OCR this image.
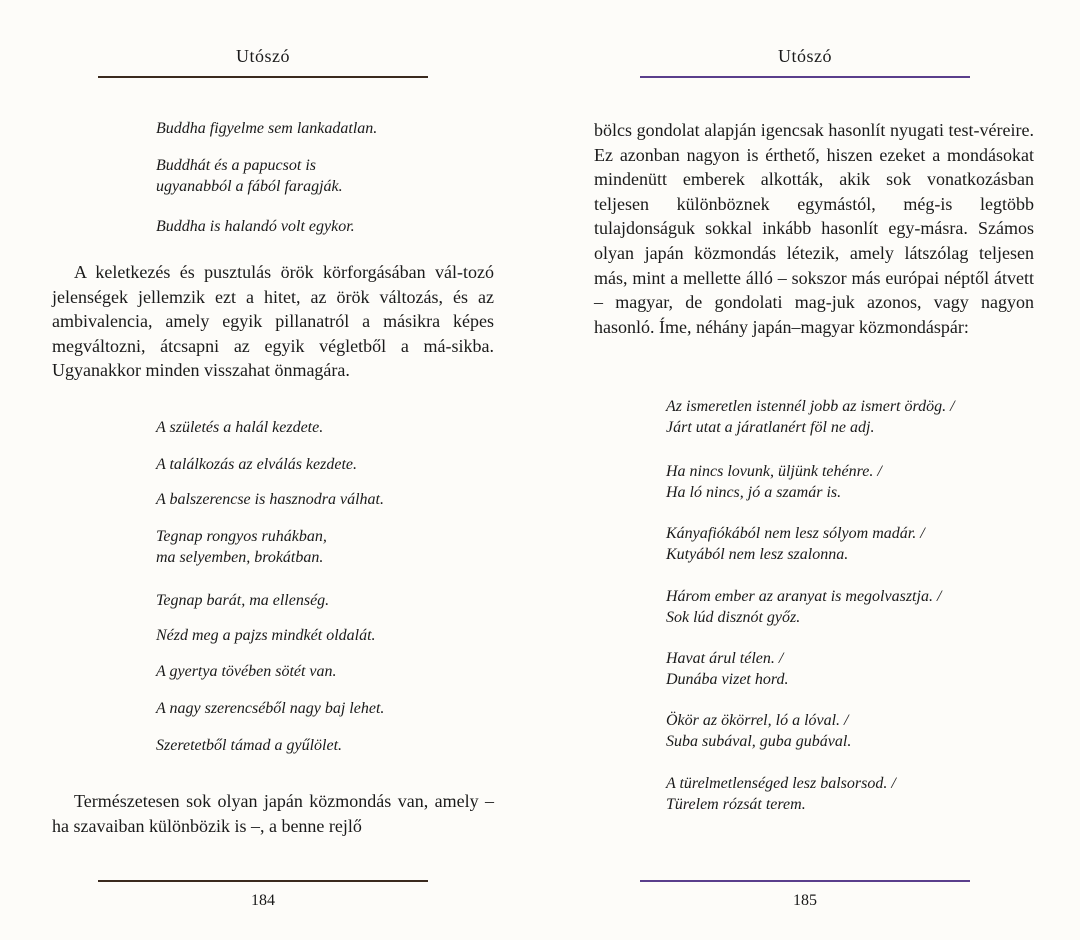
Utószó
Buddha figyelme sem lankadatlan.
Buddhát és a papucsot is
ugyanabból a fából faragják.
Buddha is halandó volt egykor.
A keletkezés és pusztulás örök körforgásában vál-tozó jelenségek jellemzik ezt a hitet, az örök változás, és az ambivalencia, amely egyik pillanatról a másikra képes megváltozni, átcsapni az egyik végletből a má-sikba. Ugyanakkor minden visszahat önmagára.
A születés a halál kezdete.
A találkozás az elválás kezdete.
A balszerencse is hasznodra válhat.
Tegnap rongyos ruhákban,
ma selyemben, brokátban.
Tegnap barát, ma ellenség.
Nézd meg a pajzs mindkét oldalát.
A gyertya tövében sötét van.
A nagy szerencséből nagy baj lehet.
Szeretetből támad a gyűlölet.
Természetesen sok olyan japán közmondás van, amely – ha szavaiban különbözik is –, a benne rejlő
184
Utószó
bölcs gondolat alapján igencsak hasonlít nyugati test-véreire. Ez azonban nagyon is érthető, hiszen ezeket a mondásokat mindenütt emberek alkották, akik sok vonatkozásban teljesen különböznek egymástól, még-is legtöbb tulajdonságuk sokkal inkább hasonlít egy-másra. Számos olyan japán közmondás létezik, amely látszólag teljesen más, mint a mellette álló – sokszor más európai néptől átvett – magyar, de gondolati mag-juk azonos, vagy nagyon hasonló. Íme, néhány japán–magyar közmondáspár:
Az ismeretlen istennél jobb az ismert ördög. /
Járt utat a járatlanért föl ne adj.
Ha nincs lovunk, üljünk tehénre. /
Ha ló nincs, jó a szamár is.
Kányafiókából nem lesz sólyom madár. /
Kutyából nem lesz szalonna.
Három ember az aranyat is megolvasztja. /
Sok lúd disznót győz.
Havat árul télen. /
Dunába vizet hord.
Ökör az ökörrel, ló a lóval. /
Suba subával, guba gubával.
A türelmetlenséged lesz balsorsod. /
Türelem rózsát terem.
185
